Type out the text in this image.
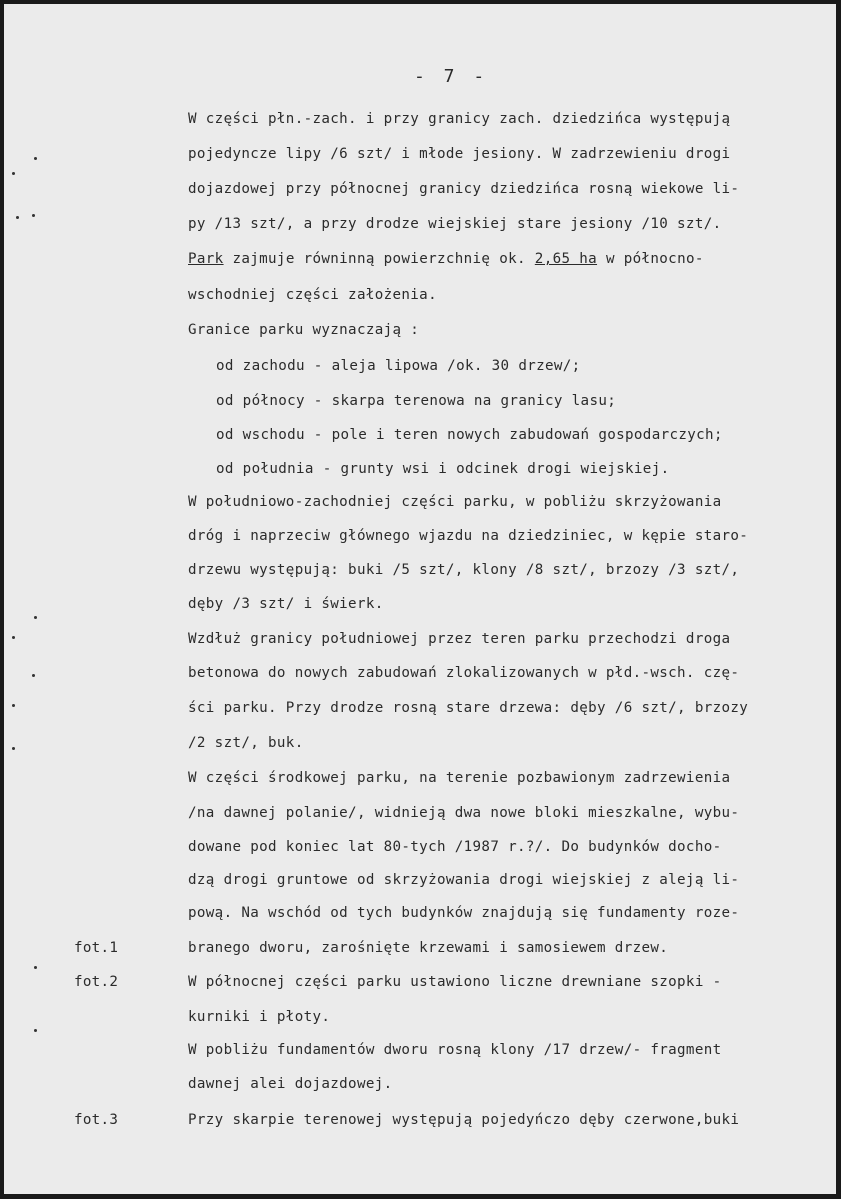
- 7 -
W części płn.-zach. i przy granicy zach. dziedzińca występują
pojedyncze lipy /6 szt/ i młode jesiony. W zadrzewieniu drogi
dojazdowej przy północnej granicy dziedzińca rosną wiekowe li-
py /13 szt/, a przy drodze wiejskiej stare jesiony /10 szt/.
Park zajmuje równinną powierzchnię ok. 2,65 ha w północno-
wschodniej części założenia.
Granice parku wyznaczają :
od zachodu - aleja lipowa /ok. 30 drzew/;
od północy - skarpa terenowa na granicy lasu;
od wschodu - pole i teren nowych zabudowań gospodarczych;
od południa - grunty wsi i odcinek drogi wiejskiej.
W południowo-zachodniej części parku, w pobliżu skrzyżowania
dróg i naprzeciw głównego wjazdu na dziedziniec, w kępie staro-
drzewu występują: buki /5 szt/, klony /8 szt/, brzozy /3 szt/,
dęby /3 szt/ i świerk.
Wzdłuż granicy południowej przez teren parku przechodzi droga
betonowa do nowych zabudowań zlokalizowanych w płd.-wsch. czę-
ści parku. Przy drodze rosną stare drzewa: dęby /6 szt/, brzozy
/2 szt/, buk.
W części środkowej parku, na terenie pozbawionym zadrzewienia
/na dawnej polanie/, widnieją dwa nowe bloki mieszkalne, wybu-
dowane pod koniec lat 80-tych /1987 r.?/. Do budynków docho-
dzą drogi gruntowe od skrzyżowania drogi wiejskiej z aleją li-
pową. Na wschód od tych budynków znajdują się fundamenty roze-
branego dworu, zarośnięte krzewami i samosiewem drzew.
W północnej części parku ustawiono liczne drewniane szopki -
kurniki i płoty.
W pobliżu fundamentów dworu rosną klony /17 drzew/- fragment
dawnej alei dojazdowej.
Przy skarpie terenowej występują pojedyńczo dęby czerwone,buki
fot.1
fot.2
fot.3
